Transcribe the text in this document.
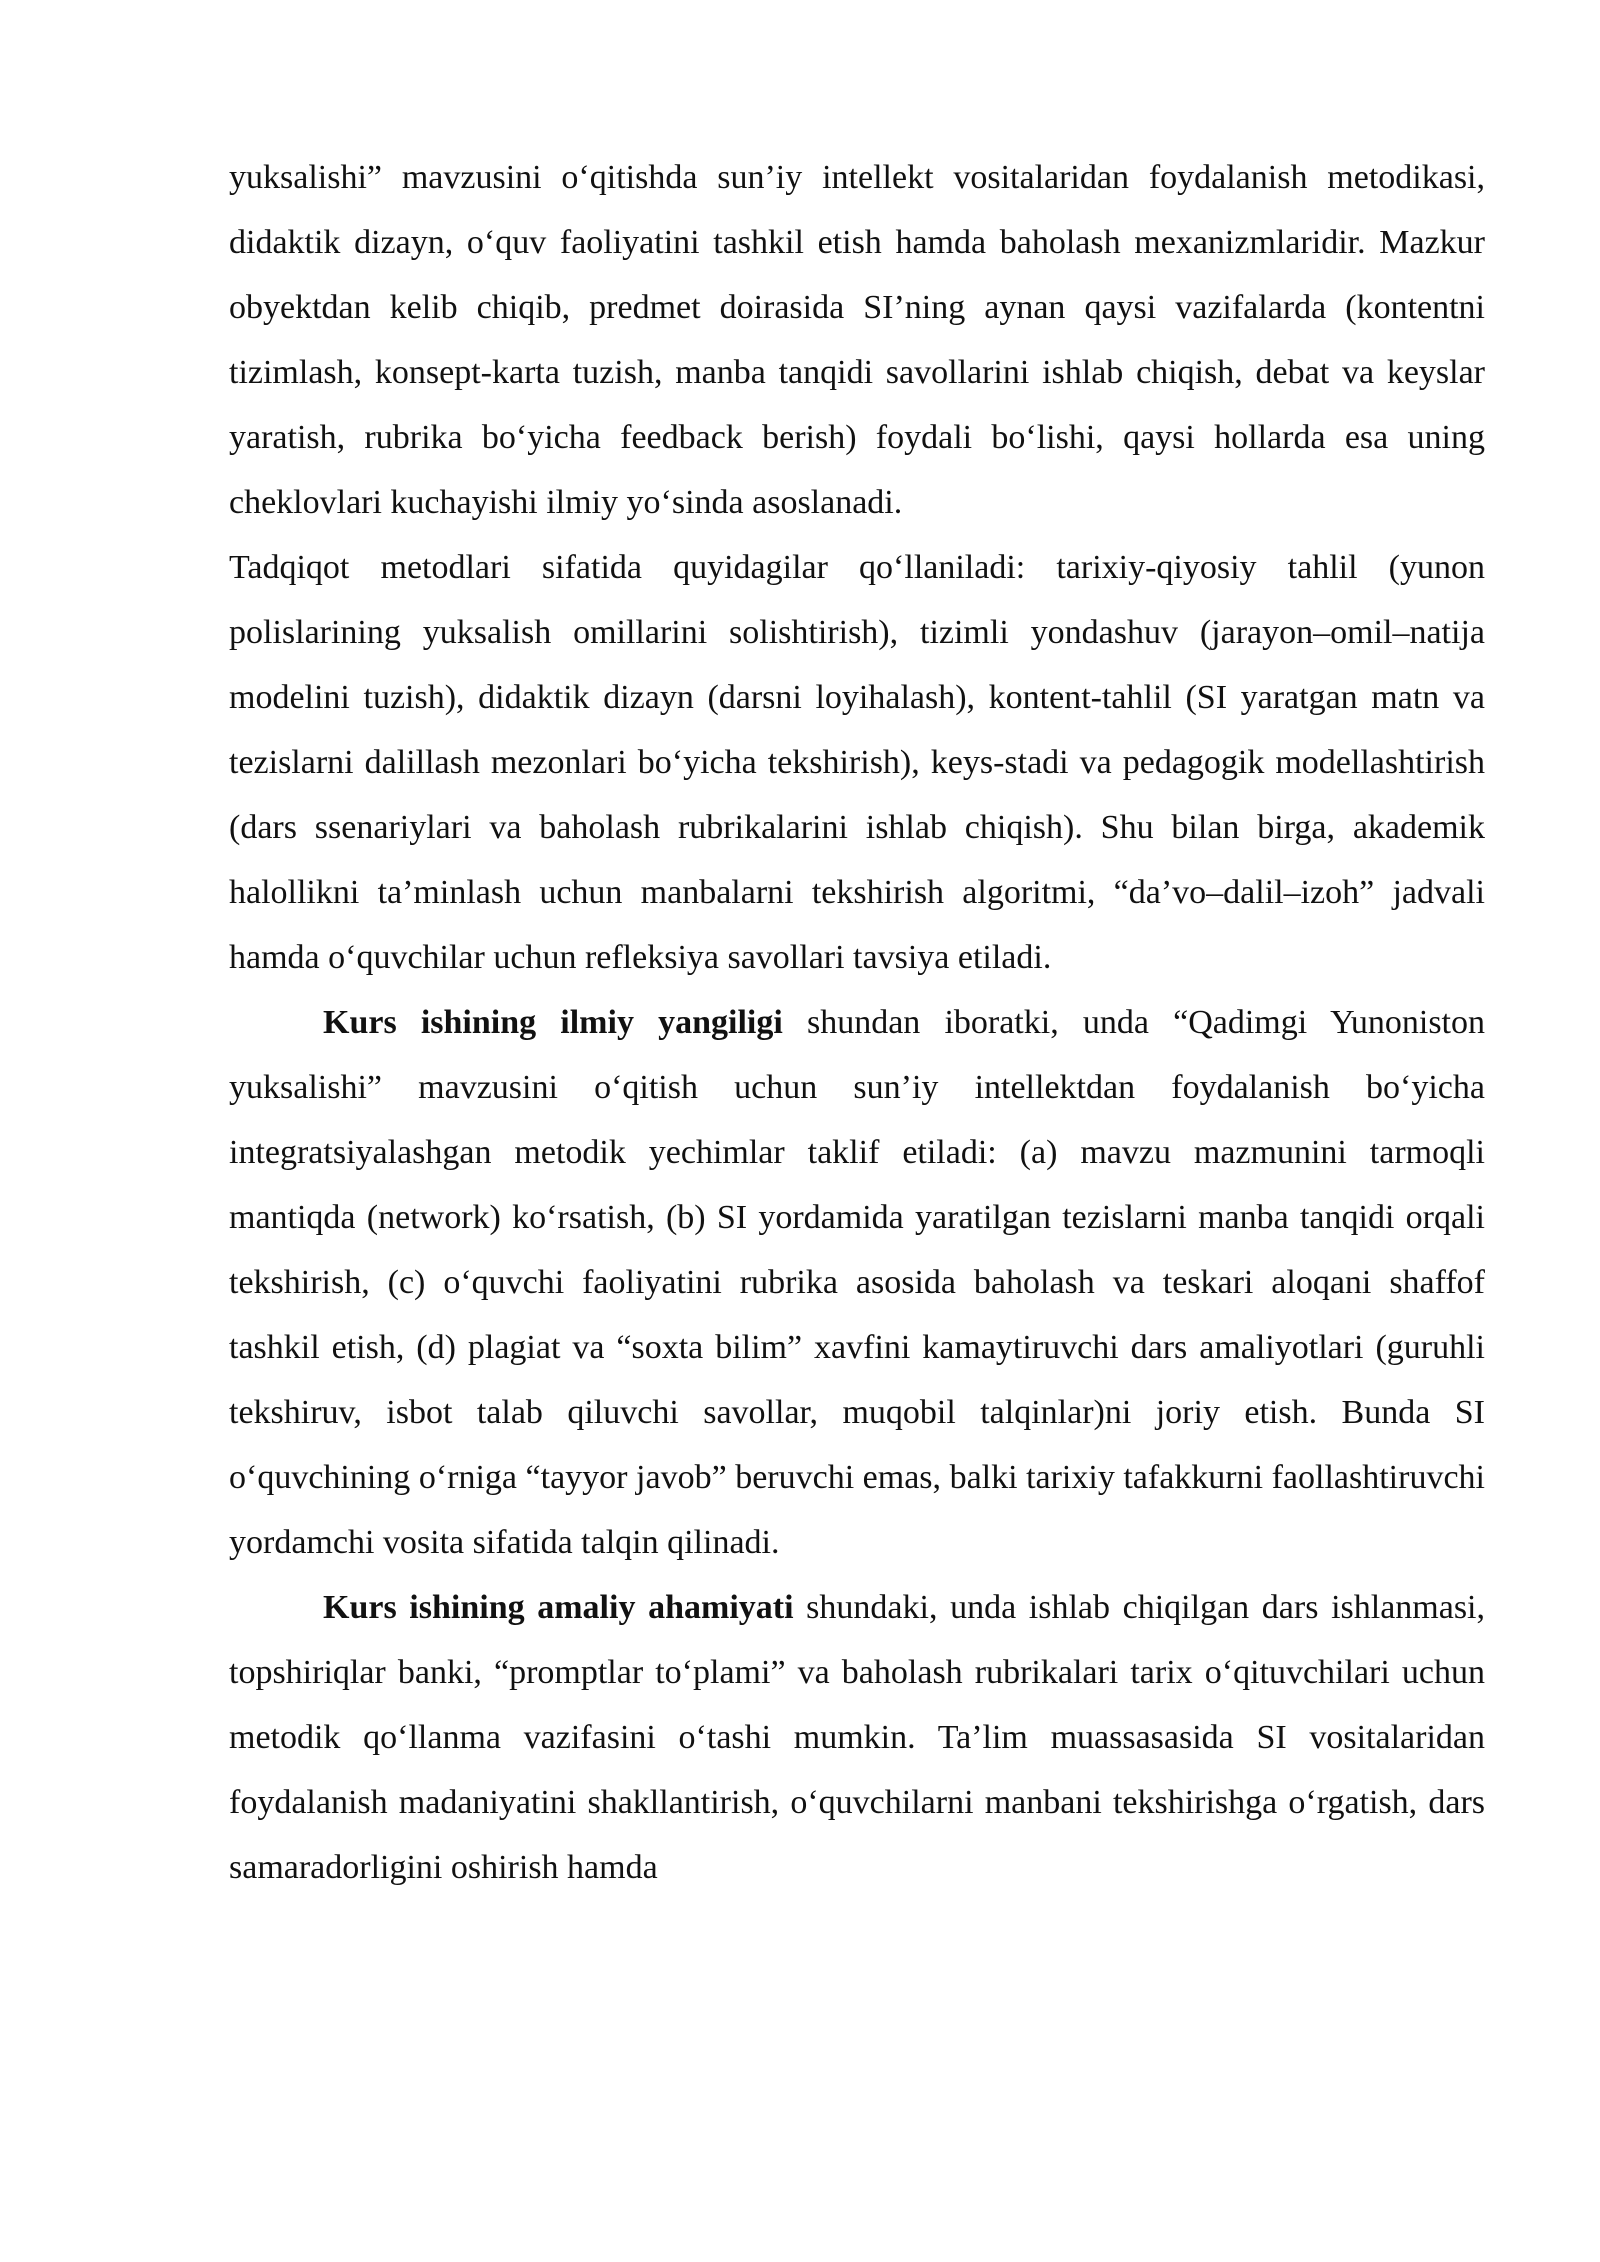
yuksalishi” mavzusini o‘qitishda sun’iy intellekt vositalaridan foydalanish metodikasi, didaktik dizayn, o‘quv faoliyatini tashkil etish hamda baholash mexanizmlaridir. Mazkur obyektdan kelib chiqib, predmet doirasida SI’ning aynan qaysi vazifalarda (kontentni tizimlash, konsept-karta tuzish, manba tanqidi savollarini ishlab chiqish, debat va keyslar yaratish, rubrika bo‘yicha feedback berish) foydali bo‘lishi, qaysi hollarda esa uning cheklovlari kuchayishi ilmiy yo‘sinda asoslanadi.

Tadqiqot metodlari sifatida quyidagilar qo‘llaniladi: tarixiy-qiyosiy tahlil (yunon polislarining yuksalish omillarini solishtirish), tizimli yondashuv (jarayon–omil–natija modelini tuzish), didaktik dizayn (darsni loyihalash), kontent-tahlil (SI yaratgan matn va tezislarni dalillash mezonlari bo‘yicha tekshirish), keys-stadi va pedagogik modellashtirish (dars ssenariylari va baholash rubrikalarini ishlab chiqish). Shu bilan birga, akademik halollikni ta’minlash uchun manbalarni tekshirish algoritmi, “da’vo–dalil–izoh” jadvali hamda o‘quvchilar uchun refleksiya savollari tavsiya etiladi.

Kurs ishining ilmiy yangiligi shundan iboratki, unda “Qadimgi Yunoniston yuksalishi” mavzusini o‘qitish uchun sun’iy intellektdan foydalanish bo‘yicha integratsiyalashgan metodik yechimlar taklif etiladi: (a) mavzu mazmunini tarmoqli mantiqda (network) ko‘rsatish, (b) SI yordamida yaratilgan tezislarni manba tanqidi orqali tekshirish, (c) o‘quvchi faoliyatini rubrika asosida baholash va teskari aloqani shaffof tashkil etish, (d) plagiat va “soxta bilim” xavfini kamaytiruvchi dars amaliyotlari (guruhli tekshiruv, isbot talab qiluvchi savollar, muqobil talqinlar)ni joriy etish. Bunda SI o‘quvchining o‘rniga “tayyor javob” beruvchi emas, balki tarixiy tafakkurni faollashtiruvchi yordamchi vosita sifatida talqin qilinadi.

Kurs ishining amaliy ahamiyati shundaki, unda ishlab chiqilgan dars ishlanmasi, topshiriqlar banki, “promptlar to‘plami” va baholash rubrikalari tarix o‘qituvchilari uchun metodik qo‘llanma vazifasini o‘tashi mumkin. Ta’lim muassasasida SI vositalaridan foydalanish madaniyatini shakllantirish, o‘quvchilarni manbani tekshirishga o‘rgatish, dars samaradorligini oshirish hamda
